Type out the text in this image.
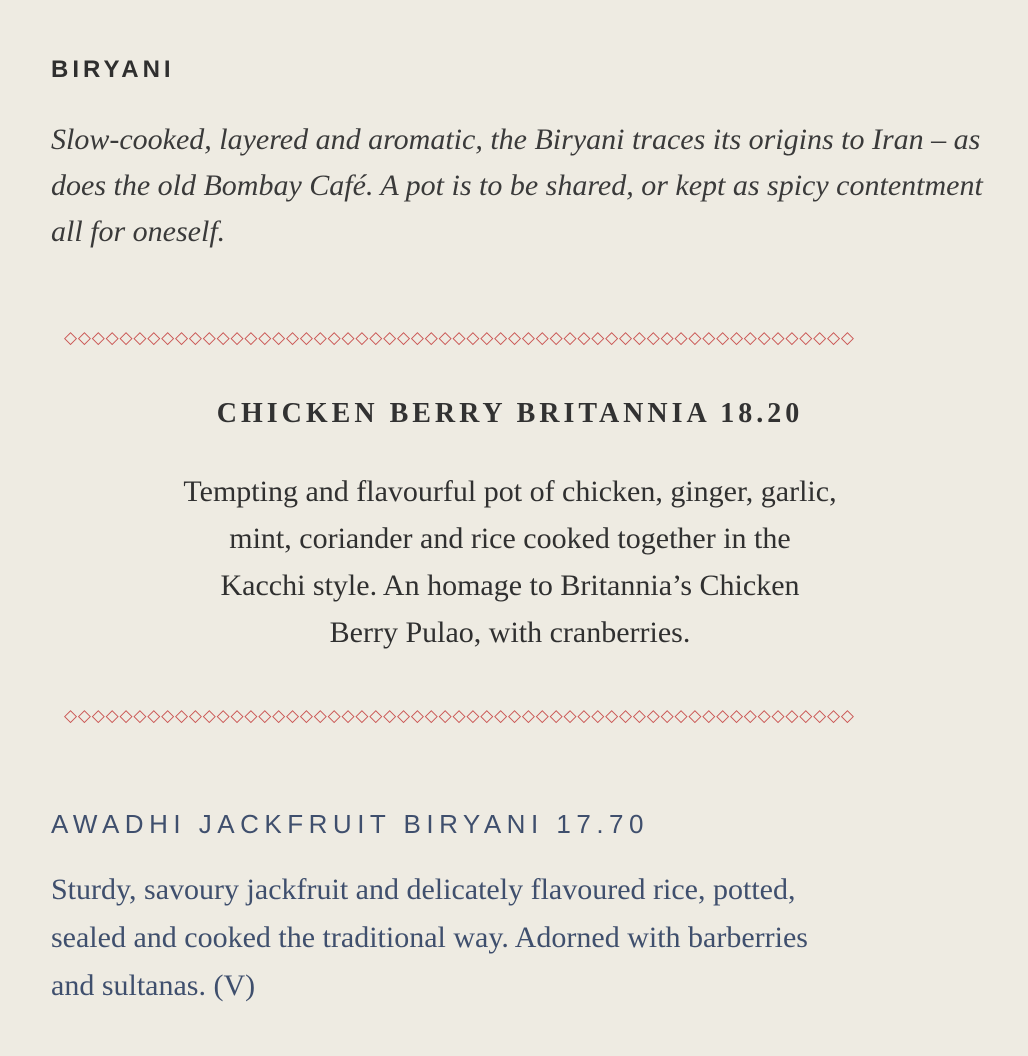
BIRYANI

Slow-cooked, layered and aromatic, the Biryani traces its origins to Iran – as does the old Bombay Café. A pot is to be shared, or kept as spicy contentment all for oneself.

◇◇◇◇◇◇◇◇◇◇◇◇◇◇◇◇◇◇◇◇◇◇◇◇◇◇◇◇◇◇◇◇◇◇◇◇◇◇◇◇◇◇◇◇◇◇◇◇◇◇◇◇◇◇◇◇◇
CHICKEN BERRY BRITANNIA 18.20

Tempting and flavourful pot of chicken, ginger, garlic,
mint, coriander and rice cooked together in the
Kacchi style. An homage to Britannia’s Chicken
Berry Pulao, with cranberries.

◇◇◇◇◇◇◇◇◇◇◇◇◇◇◇◇◇◇◇◇◇◇◇◇◇◇◇◇◇◇◇◇◇◇◇◇◇◇◇◇◇◇◇◇◇◇◇◇◇◇◇◇◇◇◇◇◇
AWADHI JACKFRUIT BIRYANI 17.70

Sturdy, savoury jackfruit and delicately flavoured rice, potted,
sealed and cooked the traditional way. Adorned with barberries
and sultanas. (V)
